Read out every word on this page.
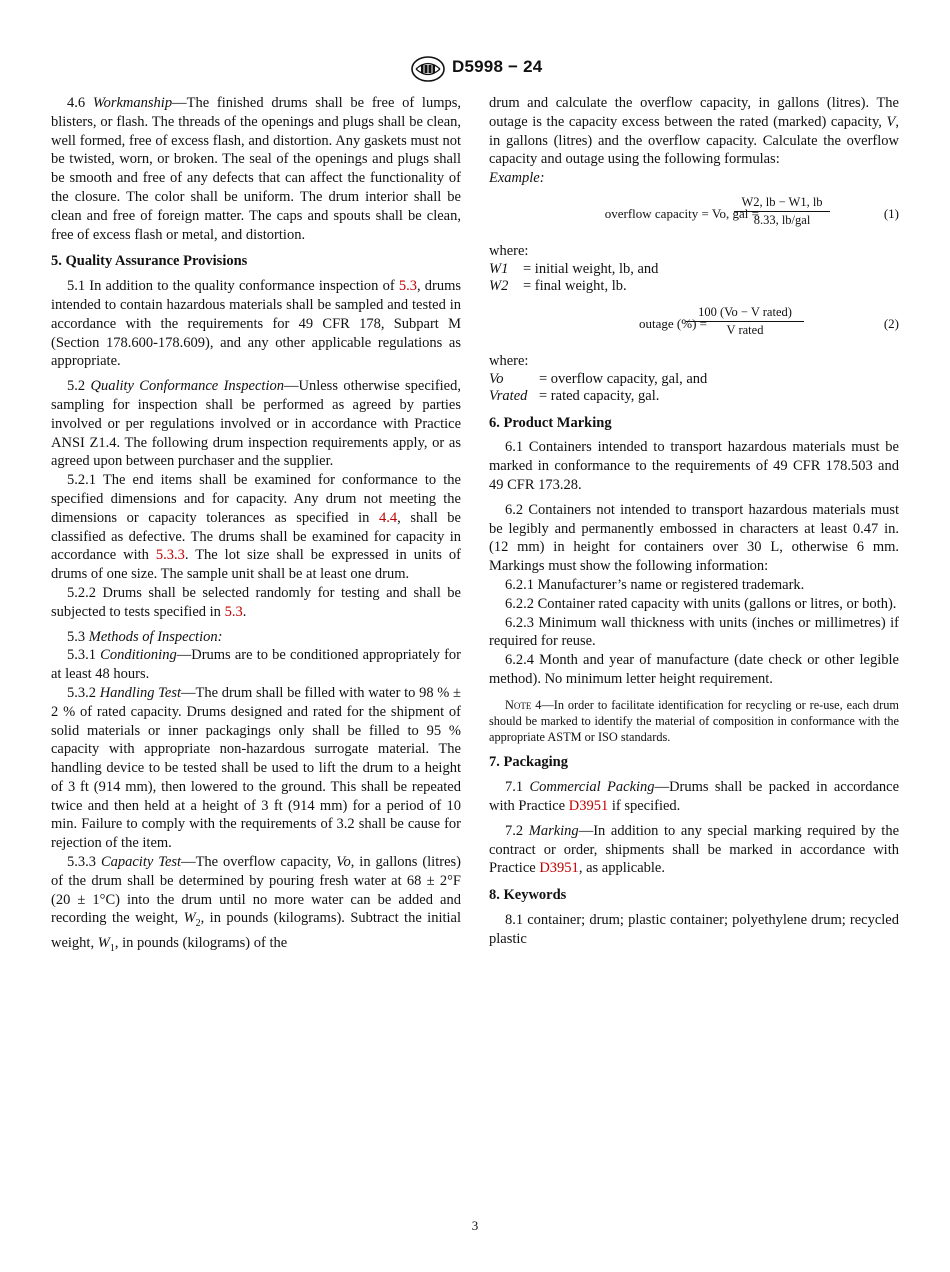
D5998 − 24

4.6 Workmanship—The finished drums shall be free of lumps, blisters, or flash. The threads of the openings and plugs shall be clean, well formed, free of excess flash, and distortion. Any gaskets must not be twisted, worn, or broken. The seal of the openings and plugs shall be smooth and free of any defects that can affect the functionality of the closure. The color shall be uniform. The drum interior shall be clean and free of foreign matter. The caps and spouts shall be clean, free of excess flash or metal, and distortion.

5. Quality Assurance Provisions

5.1 In addition to the quality conformance inspection of 5.3, drums intended to contain hazardous materials shall be sampled and tested in accordance with the requirements for 49 CFR 178, Subpart M (Section 178.600-178.609), and any other applicable regulations as appropriate.

5.2 Quality Conformance Inspection—Unless otherwise specified, sampling for inspection shall be performed as agreed by parties involved or per regulations involved or in accordance with Practice ANSI Z1.4. The following drum inspection requirements apply, or as agreed upon between purchaser and the supplier.

5.2.1 The end items shall be examined for conformance to the specified dimensions and for capacity. Any drum not meeting the dimensions or capacity tolerances as specified in 4.4, shall be classified as defective. The drums shall be examined for capacity in accordance with 5.3.3. The lot size shall be expressed in units of drums of one size. The sample unit shall be at least one drum.

5.2.2 Drums shall be selected randomly for testing and shall be subjected to tests specified in 5.3.

5.3 Methods of Inspection:

5.3.1 Conditioning—Drums are to be conditioned appropriately for at least 48 hours.

5.3.2 Handling Test—The drum shall be filled with water to 98 % ± 2 % of rated capacity. Drums designed and rated for the shipment of solid materials or inner packagings only shall be filled to 95 % capacity with appropriate non-hazardous surrogate material. The handling device to be tested shall be used to lift the drum to a height of 3 ft (914 mm), then lowered to the ground. This shall be repeated twice and then held at a height of 3 ft (914 mm) for a period of 10 min. Failure to comply with the requirements of 3.2 shall be cause for rejection of the item.

5.3.3 Capacity Test—The overflow capacity, Vo, in gallons (litres) of the drum shall be determined by pouring fresh water at 68 ± 2°F (20 ± 1°C) into the drum until no more water can be added and recording the weight, $W_2$, in pounds (kilograms). Subtract the initial weight, $W_1$, in pounds (kilograms) of the

drum and calculate the overflow capacity, in gallons (litres). The outage is the capacity excess between the rated (marked) capacity, V, in gallons (litres) and the overflow capacity. Calculate the overflow capacity and outage using the following formulas:

Example:

overflow capacity = Vo, gal =
W2, lb − W1, lb
8.33, lb/gal	(1)

where:

W1	= initial weight, lb, and
W2	= final weight, lb.
outage (%) =
100 (Vo − V rated)
V rated	(2)

where:

Vo	= overflow capacity, gal, and
Vrated = rated capacity, gal.

6. Product Marking

6.1 Containers intended to transport hazardous materials must be marked in conformance to the requirements of 49 CFR 178.503 and 49 CFR 173.28.

6.2 Containers not intended to transport hazardous materials must be legibly and permanently embossed in characters at least 0.47 in. (12 mm) in height for containers over 30 L, otherwise 6 mm. Markings must show the following information:

6.2.1 Manufacturer’s name or registered trademark.

6.2.2 Container rated capacity with units (gallons or litres, or both).

6.2.3 Minimum wall thickness with units (inches or millimetres) if required for reuse.

6.2.4 Month and year of manufacture (date check or other legible method). No minimum letter height requirement.

Note 4—In order to facilitate identification for recycling or re-use, each drum should be marked to identify the material of composition in conformance with the appropriate ASTM or ISO standards.

7. Packaging

7.1 Commercial Packing—Drums shall be packed in accordance with Practice D3951 if specified.

7.2 Marking—In addition to any special marking required by the contract or order, shipments shall be marked in accordance with Practice D3951, as applicable.

8. Keywords

8.1 container; drum; plastic container; polyethylene drum; recycled plastic

3
